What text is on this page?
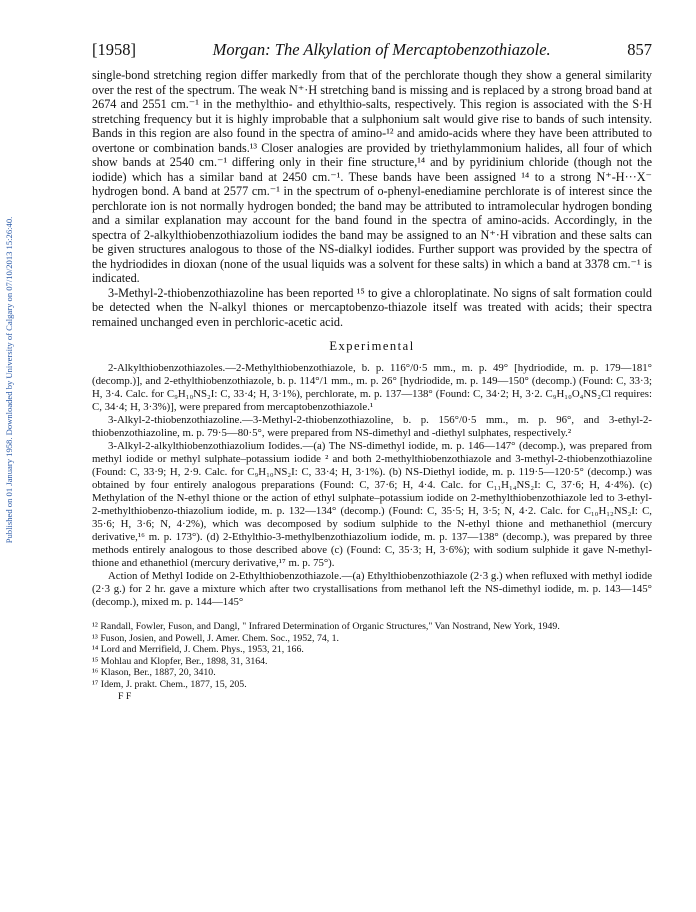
Published on 01 January 1958. Downloaded by University of Calgary on 07/10/2013 15:26:40.
[1958]	Morgan: The Alkylation of Mercaptobenzothiazole.	857

single-bond stretching region differ markedly from that of the perchlorate though they show a general similarity over the rest of the spectrum. The weak N⁺·H stretching band is missing and is replaced by a strong broad band at 2674 and 2551 cm.⁻¹ in the methylthio- and ethylthio-salts, respectively. This region is associated with the S·H stretching frequency but it is highly improbable that a sulphonium salt would give rise to bands of such intensity. Bands in this region are also found in the spectra of amino-¹² and amido-acids where they have been attributed to overtone or combination bands.¹³ Closer analogies are provided by triethylammonium halides, all four of which show bands at 2540 cm.⁻¹ differing only in their fine structure,¹⁴ and by pyridinium chloride (though not the iodide) which has a similar band at 2450 cm.⁻¹. These bands have been assigned ¹⁴ to a strong N⁺-H···X⁻ hydrogen bond. A band at 2577 cm.⁻¹ in the spectrum of o-phenyl-enediamine perchlorate is of interest since the perchlorate ion is not normally hydrogen bonded; the band may be attributed to intramolecular hydrogen bonding and a similar explanation may account for the band found in the spectra of amino-acids. Accordingly, in the spectra of 2-alkylthiobenzothiazolium iodides the band may be assigned to an N⁺·H vibration and these salts can be given structures analogous to those of the NS-dialkyl iodides. Further support was provided by the spectra of the hydriodides in dioxan (none of the usual liquids was a solvent for these salts) in which a band at 3378 cm.⁻¹ is indicated.

3-Methyl-2-thiobenzothiazoline has been reported ¹⁵ to give a chloroplatinate. No signs of salt formation could be detected when the N-alkyl thiones or mercaptobenzo-thiazole itself was treated with acids; their spectra remained unchanged even in perchloric-acetic acid.

Experimental

2-Alkylthiobenzothiazoles.—2-Methylthiobenzothiazole, b. p. 116°/0·5 mm., m. p. 49° [hydriodide, m. p. 179—181° (decomp.)], and 2-ethylthiobenzothiazole, b. p. 114°/1 mm., m. p. 26° [hydriodide, m. p. 149—150° (decomp.) (Found: C, 33·3; H, 3·4. Calc. for C₉H₁₀NS₂I: C, 33·4; H, 3·1%), perchlorate, m. p. 137—138° (Found: C, 34·2; H, 3·2. C₉H₁₀O₄NS₂Cl requires: C, 34·4; H, 3·3%)], were prepared from mercaptobenzothiazole.¹

3-Alkyl-2-thiobenzothiazoline.—3-Methyl-2-thiobenzothiazoline, b. p. 156°/0·5 mm., m. p. 96°, and 3-ethyl-2-thiobenzothiazoline, m. p. 79·5—80·5°, were prepared from NS-dimethyl and -diethyl sulphates, respectively.²

3-Alkyl-2-alkylthiobenzothiazolium Iodides.—(a) The NS-dimethyl iodide, m. p. 146—147° (decomp.), was prepared from methyl iodide or methyl sulphate–potassium iodide ² and both 2-methylthiobenzothiazole and 3-methyl-2-thiobenzothiazoline (Found: C, 33·9; H, 2·9. Calc. for C₉H₁₀NS₂I: C, 33·4; H, 3·1%). (b) NS-Diethyl iodide, m. p. 119·5—120·5° (decomp.) was obtained by four entirely analogous preparations (Found: C, 37·6; H, 4·4. Calc. for C₁₁H₁₄NS₂I: C, 37·6; H, 4·4%). (c) Methylation of the N-ethyl thione or the action of ethyl sulphate–potassium iodide on 2-methylthiobenzothiazole led to 3-ethyl-2-methylthiobenzo-thiazolium iodide, m. p. 132—134° (decomp.) (Found: C, 35·5; H, 3·5; N, 4·2. Calc. for C₁₀H₁₂NS₂I: C, 35·6; H, 3·6; N, 4·2%), which was decomposed by sodium sulphide to the N-ethyl thione and methanethiol (mercury derivative,¹⁶ m. p. 173°). (d) 2-Ethylthio-3-methylbenzothiazolium iodide, m. p. 137—138° (decomp.), was prepared by three methods entirely analogous to those described above (c) (Found: C, 35·3; H, 3·6%); with sodium sulphide it gave N-methyl-thione and ethanethiol (mercury derivative,¹⁷ m. p. 75°).

Action of Methyl Iodide on 2-Ethylthiobenzothiazole.—(a) Ethylthiobenzothiazole (2·3 g.) when refluxed with methyl iodide (2·3 g.) for 2 hr. gave a mixture which after two crystallisations from methanol left the NS-dimethyl iodide, m. p. 143—145° (decomp.), mixed m. p. 144—145°

¹² Randall, Fowler, Fuson, and Dangl, " Infrared Determination of Organic Structures," Van Nostrand, New York, 1949.

¹³ Fuson, Josien, and Powell, J. Amer. Chem. Soc., 1952, 74, 1.

¹⁴ Lord and Merrifield, J. Chem. Phys., 1953, 21, 166.

¹⁵ Mohlau and Klopfer, Ber., 1898, 31, 3164.

¹⁶ Klason, Ber., 1887, 20, 3410.

¹⁷ Idem, J. prakt. Chem., 1877, 15, 205.

F F
